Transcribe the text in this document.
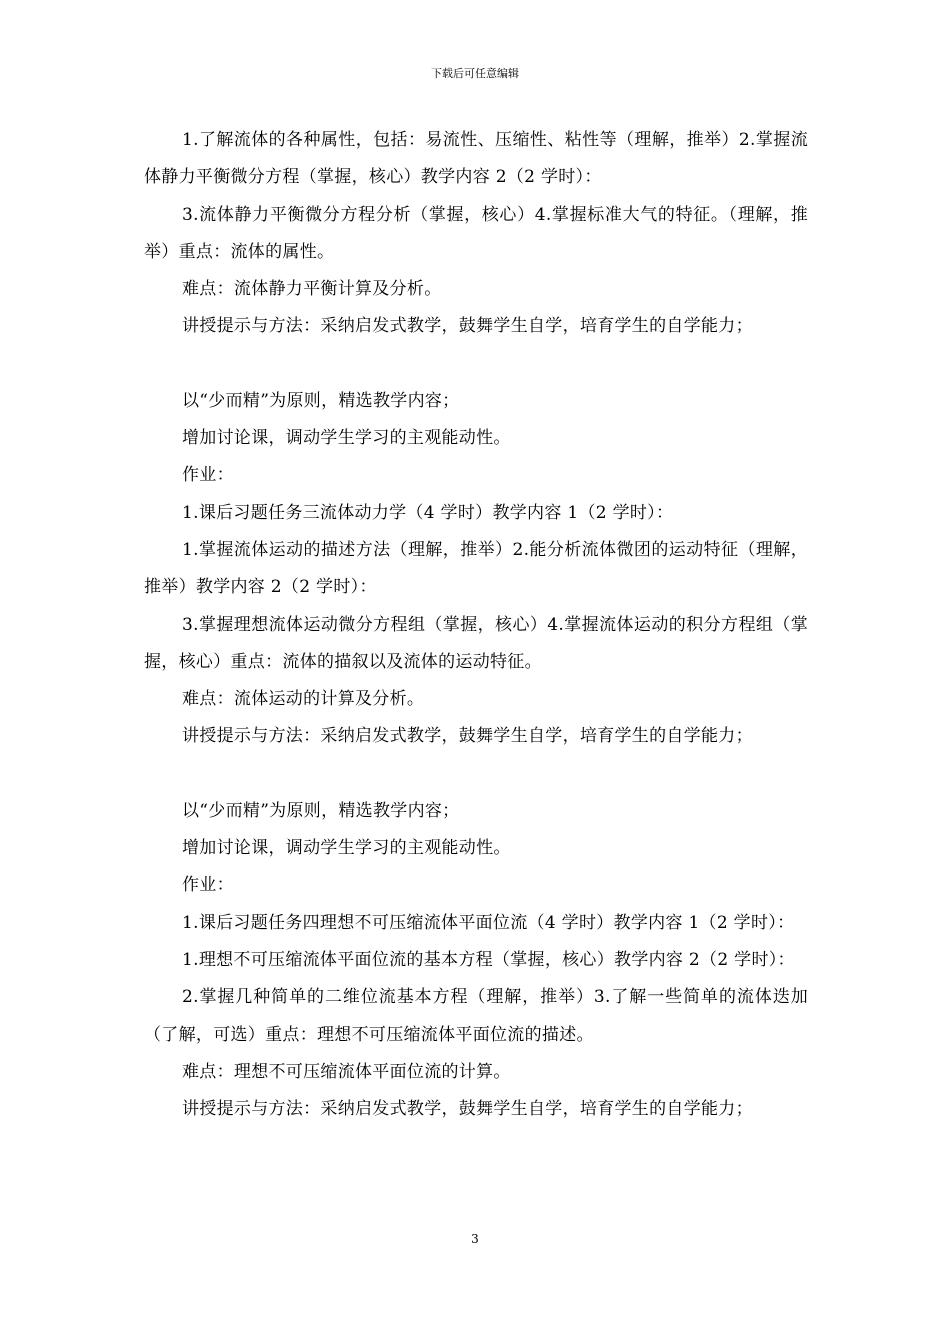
下载后可任意编辑

1.了解流体的各种属性，包括：易流性、压缩性、粘性等（理解，推举）2.掌握流体静力平衡微分方程（掌握，核心）教学内容 2（2 学时）：

3.流体静力平衡微分方程分析（掌握，核心）4.掌握标准大气的特征。（理解，推举）重点：流体的属性。

难点：流体静力平衡计算及分析。

讲授提示与方法：采纳启发式教学，鼓舞学生自学，培育学生的自学能力；

以“少而精”为原则，精选教学内容；

增加讨论课，调动学生学习的主观能动性。

作业：

1.课后习题任务三流体动力学（4 学时）教学内容 1（2 学时）：

1.掌握流体运动的描述方法（理解，推举）2.能分析流体微团的运动特征（理解，推举）教学内容 2（2 学时）：

3.掌握理想流体运动微分方程组（掌握，核心）4.掌握流体运动的积分方程组（掌握，核心）重点：流体的描叙以及流体的运动特征。

难点：流体运动的计算及分析。

讲授提示与方法：采纳启发式教学，鼓舞学生自学，培育学生的自学能力；

以“少而精”为原则，精选教学内容；

增加讨论课，调动学生学习的主观能动性。

作业：

1.课后习题任务四理想不可压缩流体平面位流（4 学时）教学内容 1（2 学时）：

1.理想不可压缩流体平面位流的基本方程（掌握，核心）教学内容 2（2 学时）：

2.掌握几种简单的二维位流基本方程（理解，推举）3.了解一些简单的流体迭加（了解，可选）重点：理想不可压缩流体平面位流的描述。

难点：理想不可压缩流体平面位流的计算。

讲授提示与方法：采纳启发式教学，鼓舞学生自学，培育学生的自学能力；

3
